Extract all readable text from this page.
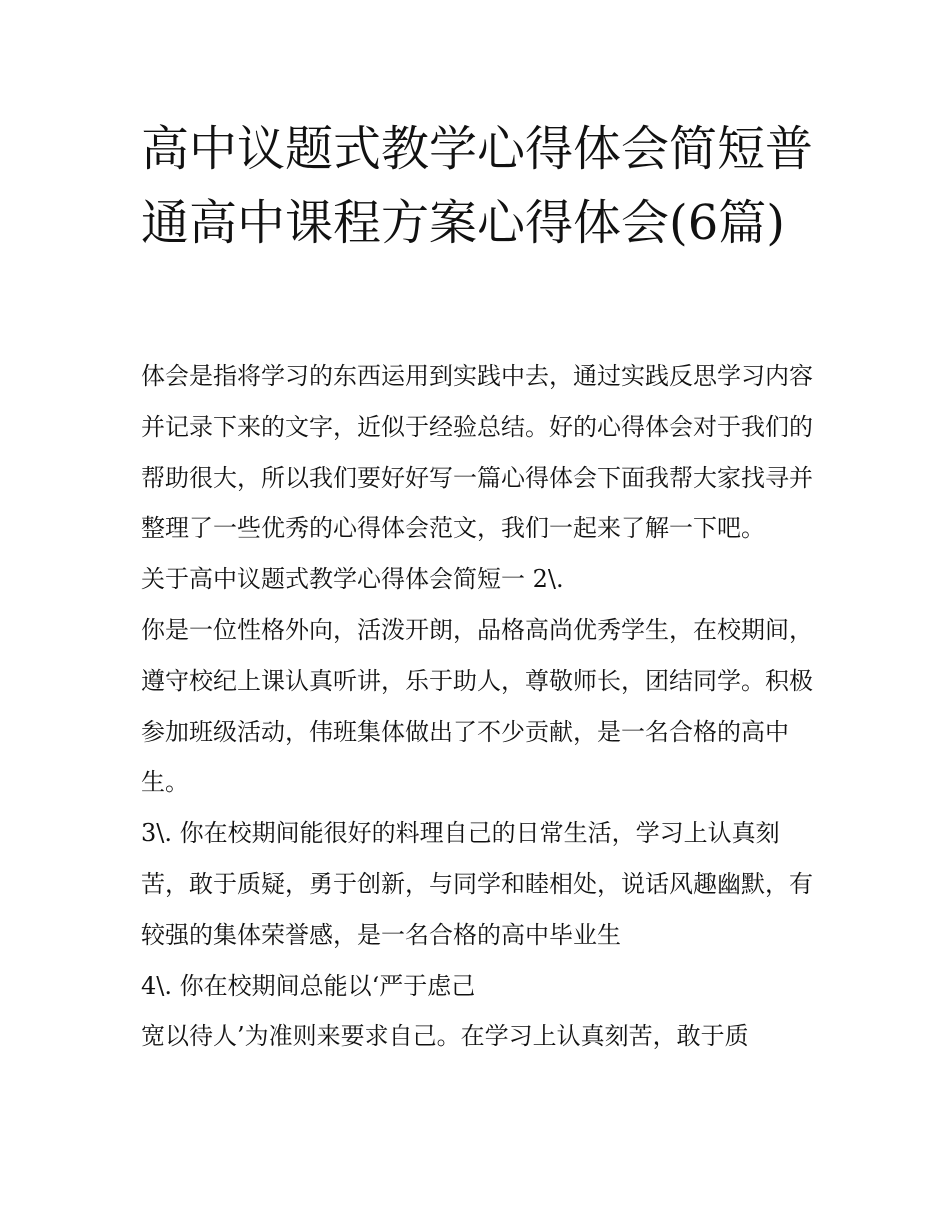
高中议题式教学心得体会简短普通高中课程方案心得体会(6篇)

体会是指将学习的东西运用到实践中去，通过实践反思学习内容并记录下来的文字，近似于经验总结。好的心得体会对于我们的帮助很大，所以我们要好好写一篇心得体会下面我帮大家找寻并整理了一些优秀的心得体会范文，我们一起来了解一下吧。

关于高中议题式教学心得体会简短一 2\.

你是一位性格外向，活泼开朗，品格高尚优秀学生，在校期间，遵守校纪上课认真听讲，乐于助人，尊敬师长，团结同学。积极参加班级活动，伟班集体做出了不少贡献，是一名合格的高中生。

3\. 你在校期间能很好的料理自己的日常生活，学习上认真刻苦，敢于质疑，勇于创新，与同学和睦相处，说话风趣幽默，有较强的集体荣誉感，是一名合格的高中毕业生

4\. 你在校期间总能以‘严于虑己

宽以待人’为准则来要求自己。在学习上认真刻苦，敢于质
